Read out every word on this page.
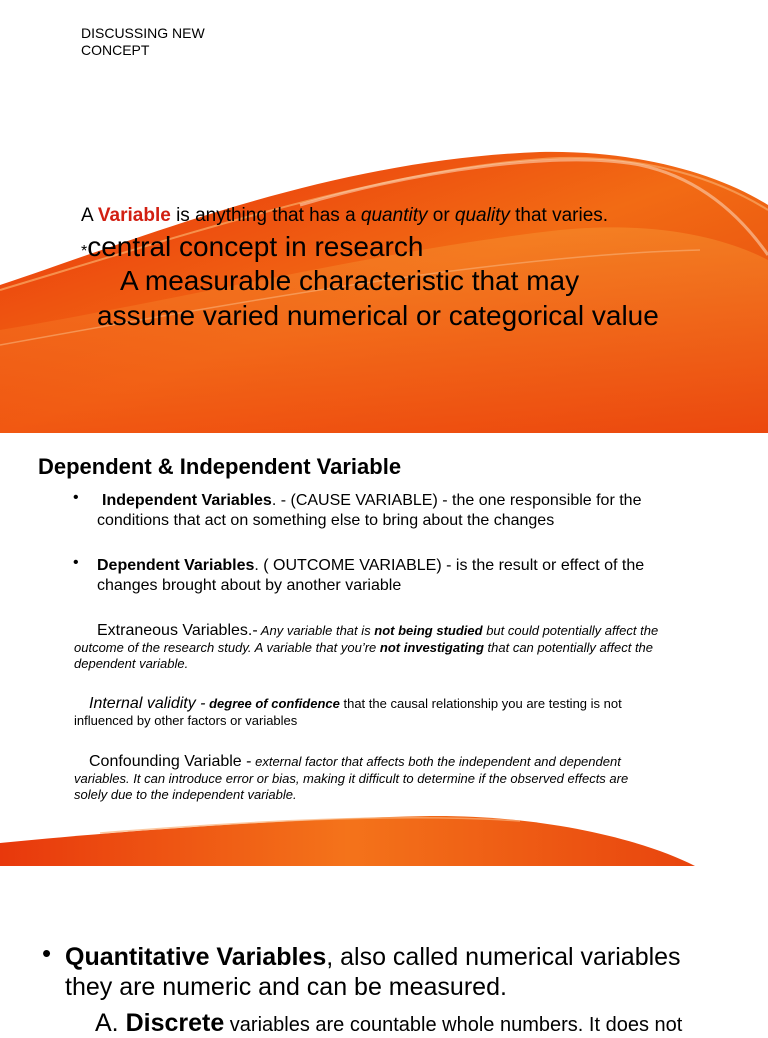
DISCUSSING NEW CONCEPT
A Variable is anything that has a quantity or quality that varies.
*central concept in research
A measurable characteristic that may
assume varied numerical or categorical value
Dependent & Independent Variable
•	Independent Variables. - (CAUSE VARIABLE) - the one responsible for the
conditions that act on something else to bring about the changes
• Dependent Variables. ( OUTCOME VARIABLE) - is the result or effect of the
changes brought about by another variable
Extraneous Variables.- Any variable that is not being studied but could potentially affect the outcome of the research study. A variable that you’re not investigating that can potentially affect the dependent variable.
Internal validity - degree of confidence that the causal relationship you are testing is not influenced by other factors or variables
Confounding Variable - external factor that affects both the independent and dependent variables. It can introduce error or bias, making it difficult to determine if the observed effects are solely due to the independent variable.
• Quantitative Variables, also called numerical variables they are numeric and can be measured.
A. Discrete variables are countable whole numbers. It does not
